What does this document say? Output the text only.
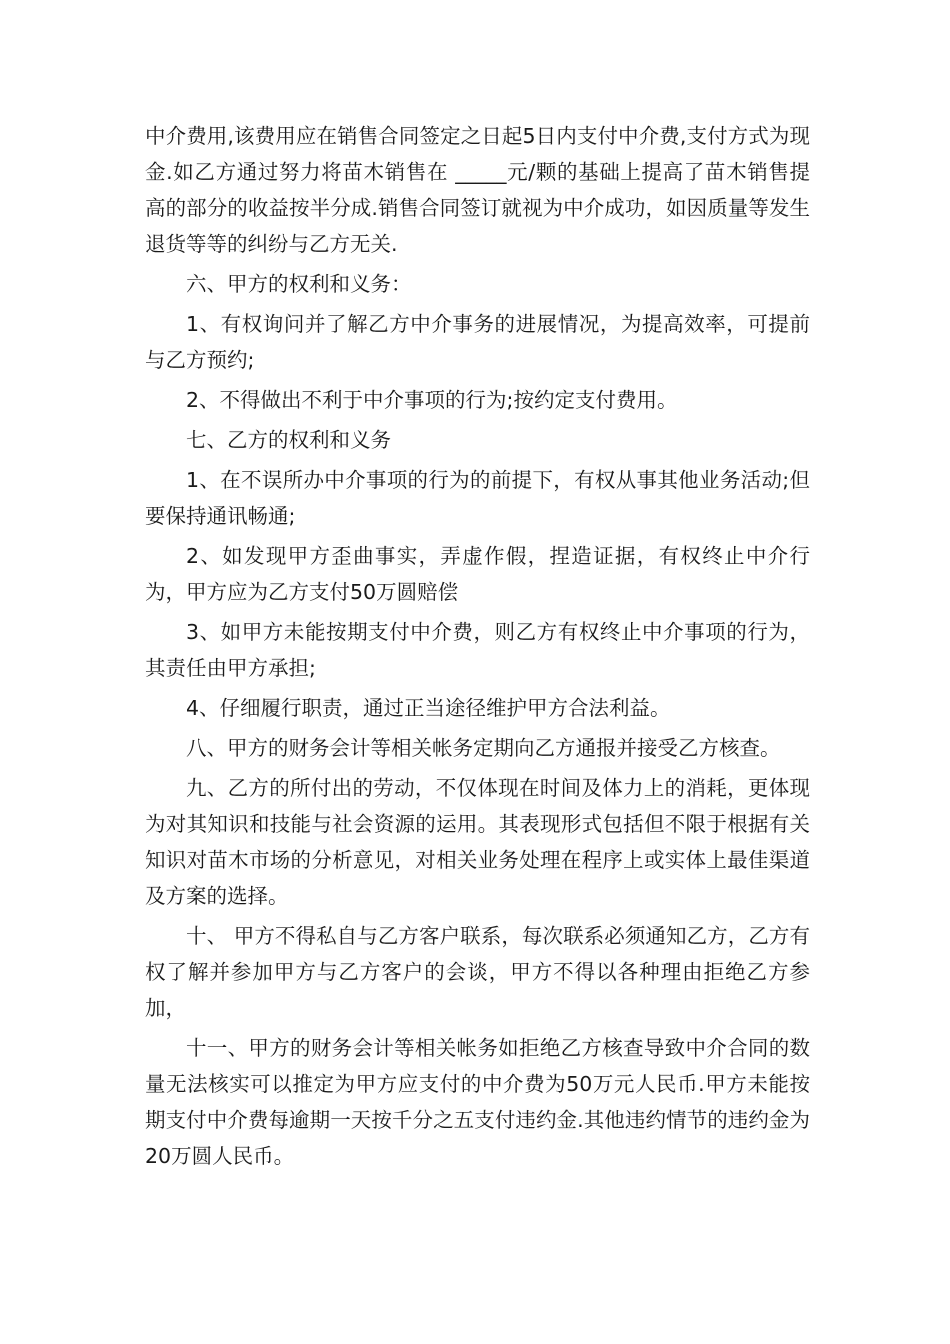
中介费用,该费用应在销售合同签定之日起5日内支付中介费,支付方式为现金.如乙方通过努力将苗木销售在 _____元/颗的基础上提高了苗木销售提高的部分的收益按半分成.销售合同签订就视为中介成功，如因质量等发生退货等等的纠纷与乙方无关.

六、甲方的权利和义务：

1、有权询问并了解乙方中介事务的进展情况，为提高效率，可提前与乙方预约;

2、不得做出不利于中介事项的行为;按约定支付费用。

七、乙方的权利和义务

1、在不误所办中介事项的行为的前提下，有权从事其他业务活动;但要保持通讯畅通;

2、如发现甲方歪曲事实，弄虚作假，捏造证据，有权终止中介行为，甲方应为乙方支付50万圆赔偿

3、如甲方未能按期支付中介费，则乙方有权终止中介事项的行为，其责任由甲方承担;

4、仔细履行职责，通过正当途径维护甲方合法利益。

八、甲方的财务会计等相关帐务定期向乙方通报并接受乙方核查。

九、乙方的所付出的劳动，不仅体现在时间及体力上的消耗，更体现为对其知识和技能与社会资源的运用。其表现形式包括但不限于根据有关知识对苗木市场的分析意见，对相关业务处理在程序上或实体上最佳渠道及方案的选择。

十、 甲方不得私自与乙方客户联系，每次联系必须通知乙方，乙方有权了解并参加甲方与乙方客户的会谈，甲方不得以各种理由拒绝乙方参加，

十一、甲方的财务会计等相关帐务如拒绝乙方核查导致中介合同的数量无法核实可以推定为甲方应支付的中介费为50万元人民币.甲方未能按期支付中介费每逾期一天按千分之五支付违约金.其他违约情节的违约金为20万圆人民币。
